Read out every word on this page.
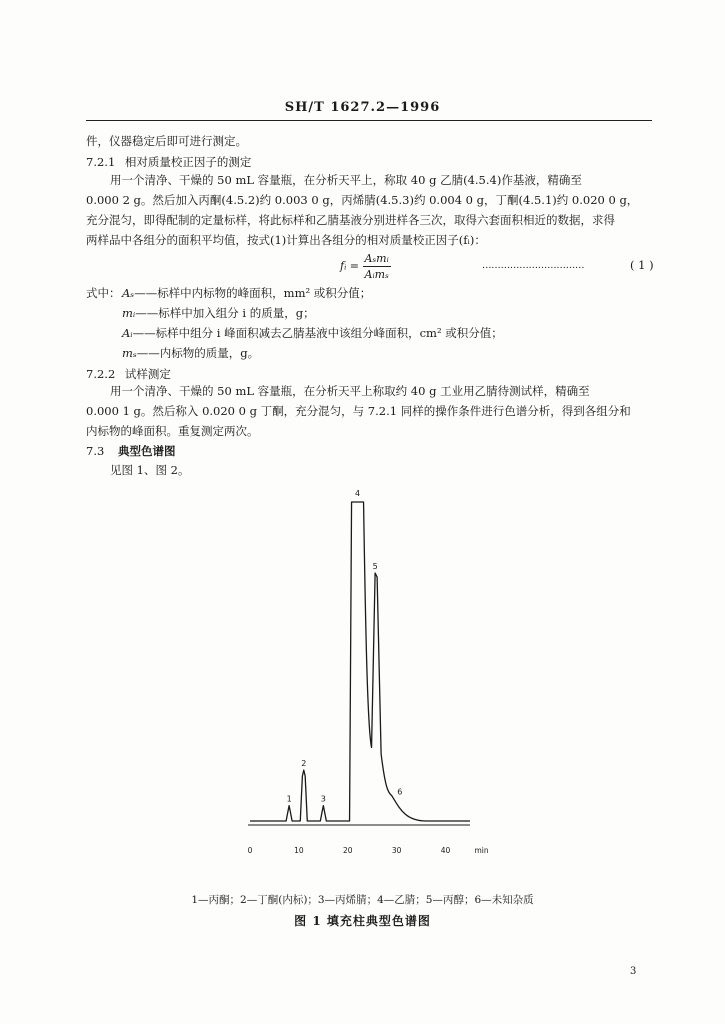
SH/T 1627.2—1996
件，仪器稳定后即可进行测定。
7.2.1 相对质量校正因子的测定
用一个清净、干燥的 50 mL 容量瓶，在分析天平上，称取 40 g 乙腈(4.5.4)作基液，精确至
0.000 2 g。然后加入丙酮(4.5.2)约 0.003 0 g，丙烯腈(4.5.3)约 0.004 0 g，丁酮(4.5.1)约 0.020 0 g，
充分混匀，即得配制的定量标样，将此标样和乙腈基液分别进样各三次，取得六套面积相近的数据，求得
两样品中各组分的面积平均值，按式(1)计算出各组分的相对质量校正因子(fᵢ)：
fᵢ = $\frac{\text{Aₛmᵢ}}{\text{Aᵢmₛ}}$	……………………………	( 1 )
式中： Aₛ——标样中内标物的峰面积，mm² 或积分值；
mᵢ——标样中加入组分 i 的质量，g；
Aᵢ——标样中组分 i 峰面积减去乙腈基液中该组分峰面积，cm² 或积分值；
mₛ——内标物的质量，g。
7.2.2 试样测定
用一个清净、干燥的 50 mL 容量瓶，在分析天平上称取约 40 g 工业用乙腈待测试样，精确至
0.000 1 g。然后称入 0.020 0 g 丁酮，充分混匀，与 7.2.1 同样的操作条件进行色谱分析，得到各组分和
内标物的峰面积。重复测定两次。
7.3 典型色谱图
见图 1、图 2。
1
2
3
4
5
6
0	10	20	30	40	min
1—丙酮；2—丁酮(内标)；3—丙烯腈；4—乙腈；5—丙醇；6—未知杂质
图 1 填充柱典型色谱图
3
